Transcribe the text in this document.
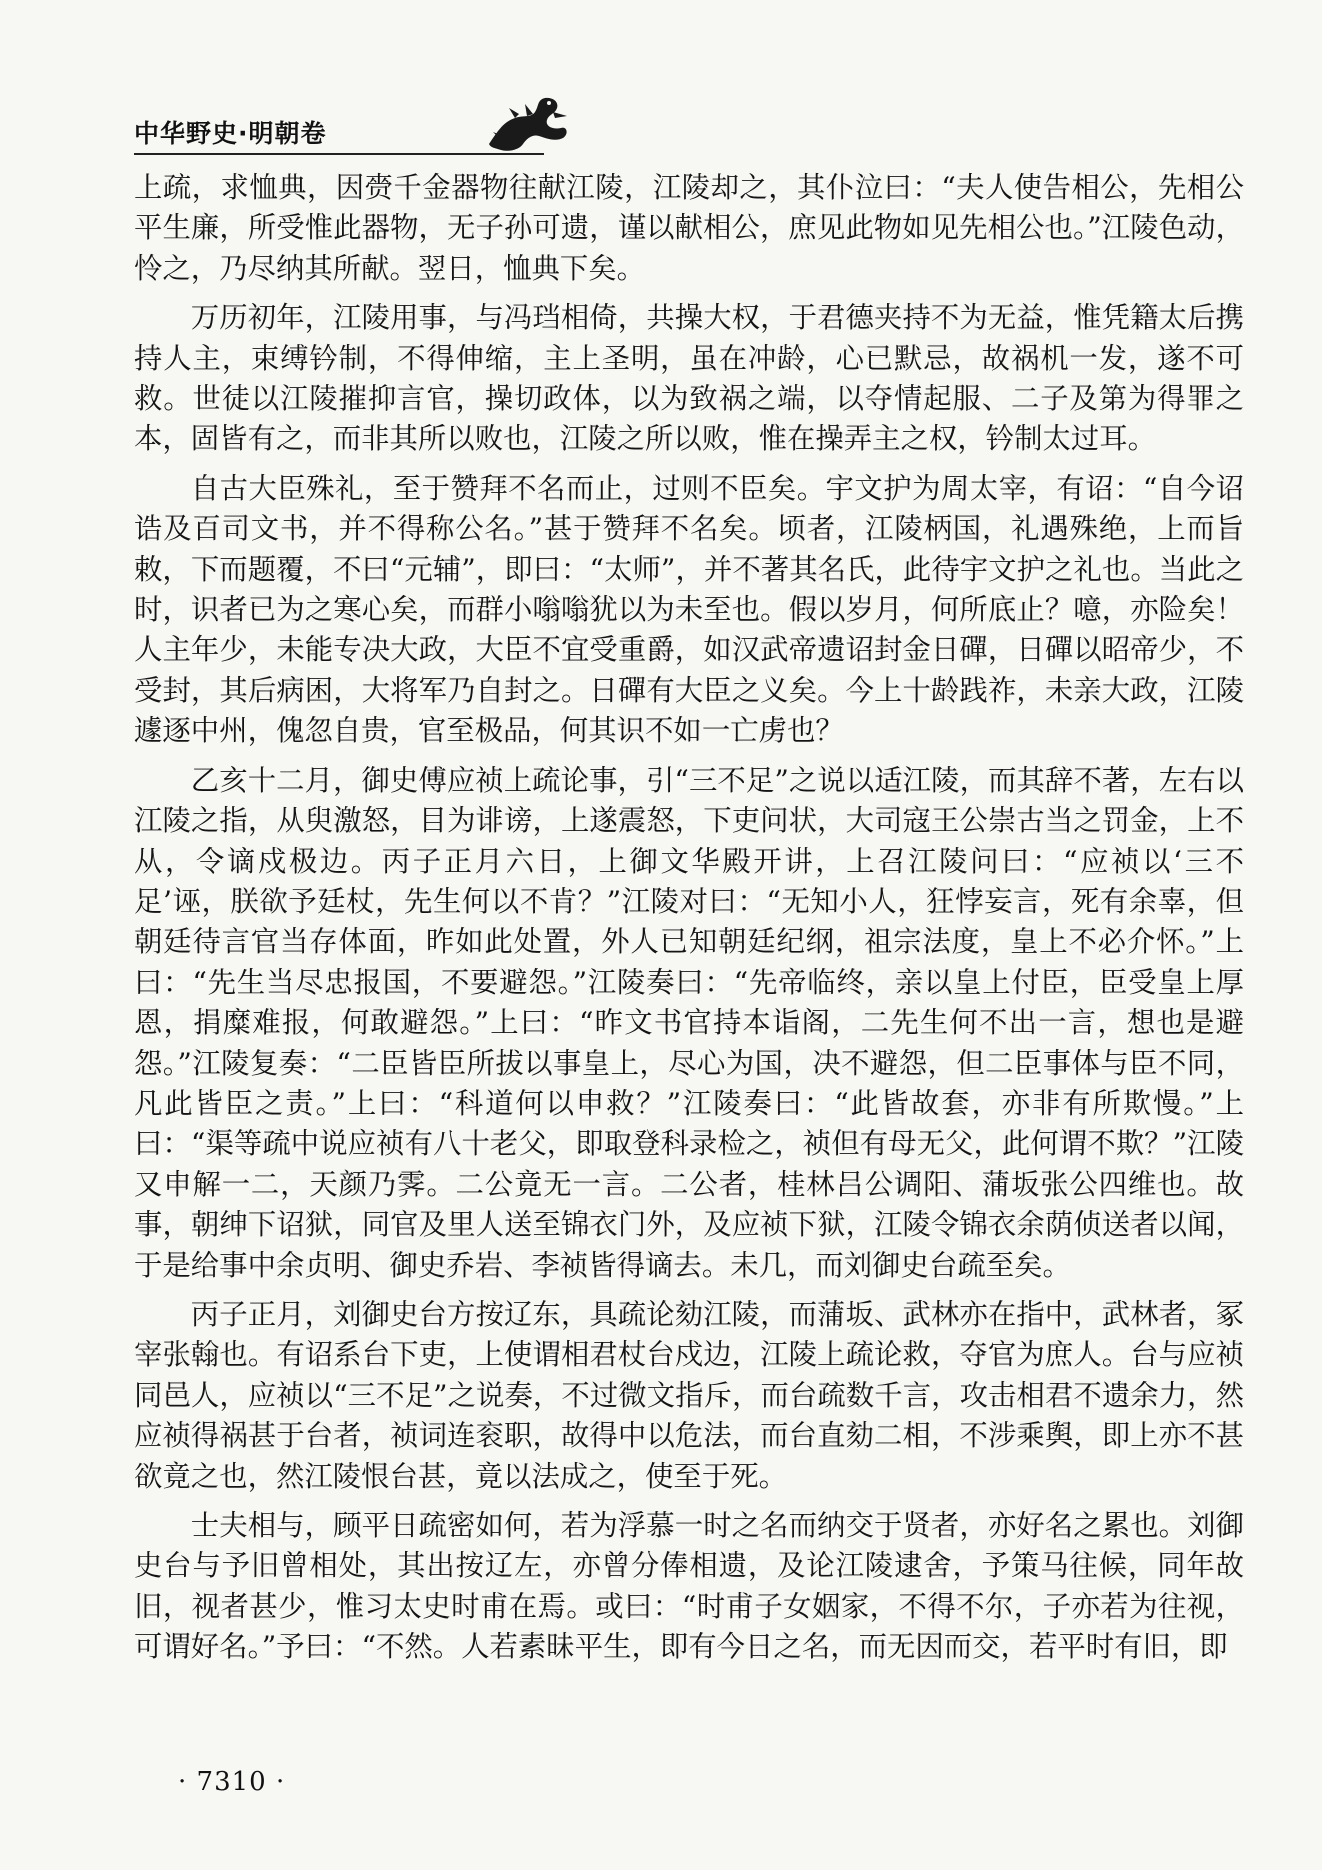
中华野史·明朝卷

上疏，求恤典，因赍千金器物往献江陵，江陵却之，其仆泣曰：“夫人使告相公，先相公平生廉，所受惟此器物，无子孙可遗，谨以献相公，庶见此物如见先相公也。”江陵色动，怜之，乃尽纳其所献。翌日，恤典下矣。

万历初年，江陵用事，与冯珰相倚，共操大权，于君德夹持不为无益，惟凭籍太后携持人主，束缚钤制，不得伸缩，主上圣明，虽在冲龄，心已默忌，故祸机一发，遂不可救。世徒以江陵摧抑言官，操切政体，以为致祸之端，以夺情起服、二子及第为得罪之本，固皆有之，而非其所以败也，江陵之所以败，惟在操弄主之权，钤制太过耳。

自古大臣殊礼，至于赞拜不名而止，过则不臣矣。宇文护为周太宰，有诏：“自今诏诰及百司文书，并不得称公名。”甚于赞拜不名矣。顷者，江陵柄国，礼遇殊绝，上而旨敕，下而题覆，不曰“元辅”，即曰：“太师”，并不著其名氏，此待宇文护之礼也。当此之时，识者已为之寒心矣，而群小嗡嗡犹以为未至也。假以岁月，何所底止？噫，亦险矣！人主年少，未能专决大政，大臣不宜受重爵，如汉武帝遗诏封金日磾，日磾以昭帝少，不受封，其后病困，大将军乃自封之。日磾有大臣之义矣。今上十龄践祚，未亲大政，江陵遽逐中州，傀忽自贵，官至极品，何其识不如一亡虏也？

乙亥十二月，御史傅应祯上疏论事，引“三不足”之说以适江陵，而其辞不著，左右以江陵之指，从臾激怒，目为诽谤，上遂震怒，下吏问状，大司寇王公崇古当之罚金，上不从，令谪戍极边。丙子正月六日，上御文华殿开讲，上召江陵问曰：“应祯以‘三不足’诬，朕欲予廷杖，先生何以不肯？”江陵对曰：“无知小人，狂悖妄言，死有余辜，但朝廷待言官当存体面，昨如此处置，外人已知朝廷纪纲，祖宗法度，皇上不必介怀。”上曰：“先生当尽忠报国，不要避怨。”江陵奏曰：“先帝临终，亲以皇上付臣，臣受皇上厚恩，捐糜难报，何敢避怨。”上曰：“昨文书官持本诣阁，二先生何不出一言，想也是避怨。”江陵复奏：“二臣皆臣所拔以事皇上，尽心为国，决不避怨，但二臣事体与臣不同，凡此皆臣之责。”上曰：“科道何以申救？”江陵奏曰：“此皆故套，亦非有所欺慢。”上曰：“渠等疏中说应祯有八十老父，即取登科录检之，祯但有母无父，此何谓不欺？”江陵又申解一二，天颜乃霁。二公竟无一言。二公者，桂林吕公调阳、蒲坂张公四维也。故事，朝绅下诏狱，同官及里人送至锦衣门外，及应祯下狱，江陵令锦衣余荫侦送者以闻，于是给事中余贞明、御史乔岩、李祯皆得谪去。未几，而刘御史台疏至矣。

丙子正月，刘御史台方按辽东，具疏论劾江陵，而蒲坂、武林亦在指中，武林者，冢宰张翰也。有诏系台下吏，上使谓相君杖台戍边，江陵上疏论救，夺官为庶人。台与应祯同邑人，应祯以“三不足”之说奏，不过微文指斥，而台疏数千言，攻击相君不遗余力，然应祯得祸甚于台者，祯词连衮职，故得中以危法，而台直劾二相，不涉乘舆，即上亦不甚欲竟之也，然江陵恨台甚，竟以法成之，使至于死。

士夫相与，顾平日疏密如何，若为浮慕一时之名而纳交于贤者，亦好名之累也。刘御史台与予旧曾相处，其出按辽左，亦曾分俸相遗，及论江陵逮舍，予策马往候，同年故旧，视者甚少，惟习太史时甫在焉。或曰：“时甫子女姻家，不得不尔，子亦若为往视，可谓好名。”予曰：“不然。人若素昧平生，即有今日之名，而无因而交，若平时有旧，即

· 7310 ·
